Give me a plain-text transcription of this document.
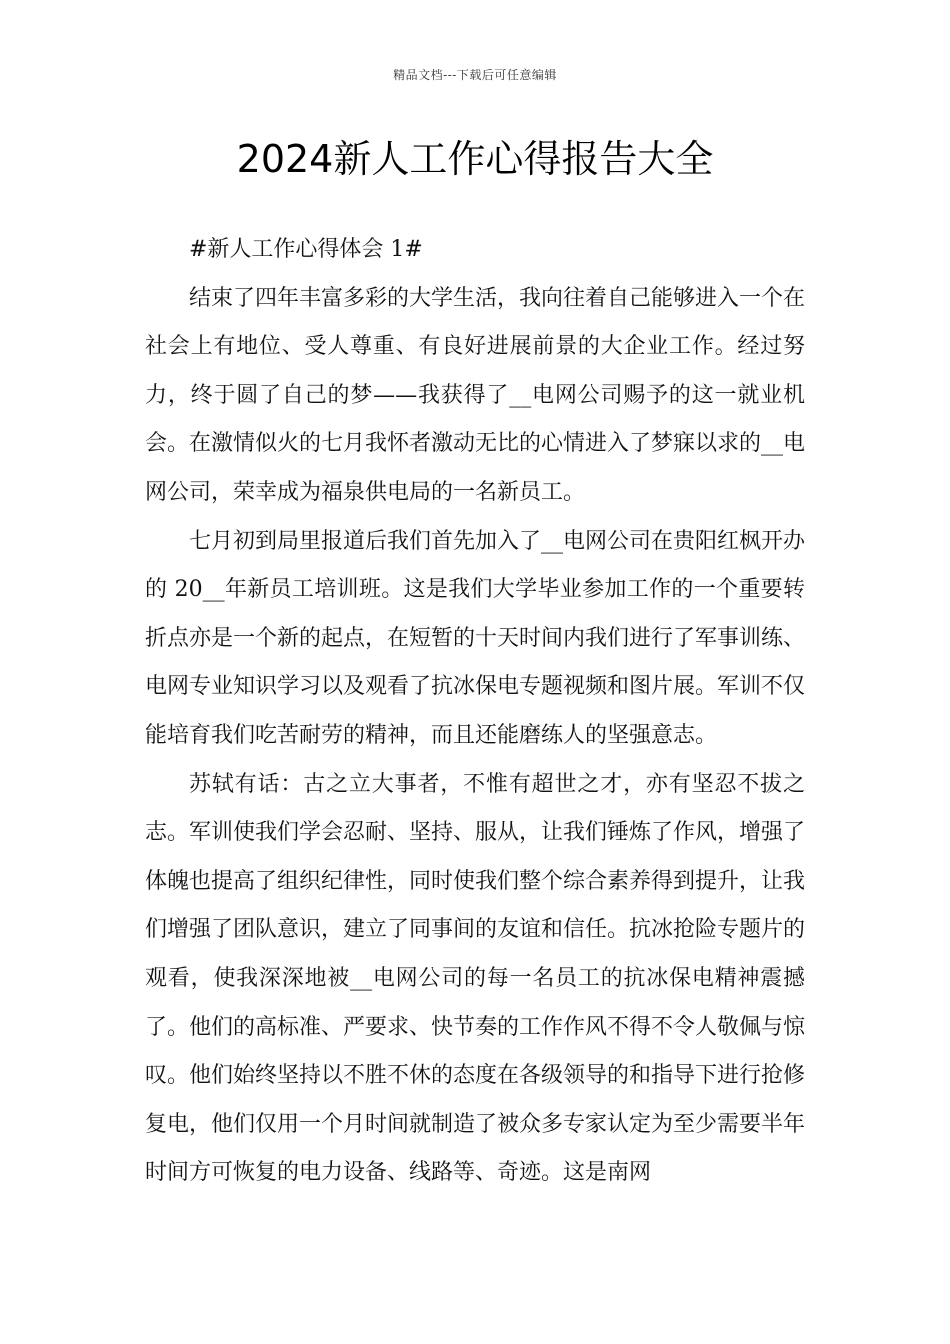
精品文档---下载后可任意编辑
2024新人工作心得报告大全

#新人工作心得体会 1#

结束了四年丰富多彩的大学生活，我向往着自己能够进入一个在社会上有地位、受人尊重、有良好进展前景的大企业工作。经过努力，终于圆了自己的梦——我获得了__电网公司赐予的这一就业机会。在激情似火的七月我怀者激动无比的心情进入了梦寐以求的__电网公司，荣幸成为福泉供电局的一名新员工。

七月初到局里报道后我们首先加入了__电网公司在贵阳红枫开办的 20__年新员工培训班。这是我们大学毕业参加工作的一个重要转折点亦是一个新的起点，在短暂的十天时间内我们进行了军事训练、电网专业知识学习以及观看了抗冰保电专题视频和图片展。军训不仅能培育我们吃苦耐劳的精神，而且还能磨练人的坚强意志。

苏轼有话：古之立大事者，不惟有超世之才，亦有坚忍不拔之志。军训使我们学会忍耐、坚持、服从，让我们锤炼了作风，增强了体魄也提高了组织纪律性，同时使我们整个综合素养得到提升，让我们增强了团队意识，建立了同事间的友谊和信任。抗冰抢险专题片的观看，使我深深地被__电网公司的每一名员工的抗冰保电精神震撼了。他们的高标准、严要求、快节奏的工作作风不得不令人敬佩与惊叹。他们始终坚持以不胜不休的态度在各级领导的和指导下进行抢修复电，他们仅用一个月时间就制造了被众多专家认定为至少需要半年时间方可恢复的电力设备、线路等、奇迹。这是南网
